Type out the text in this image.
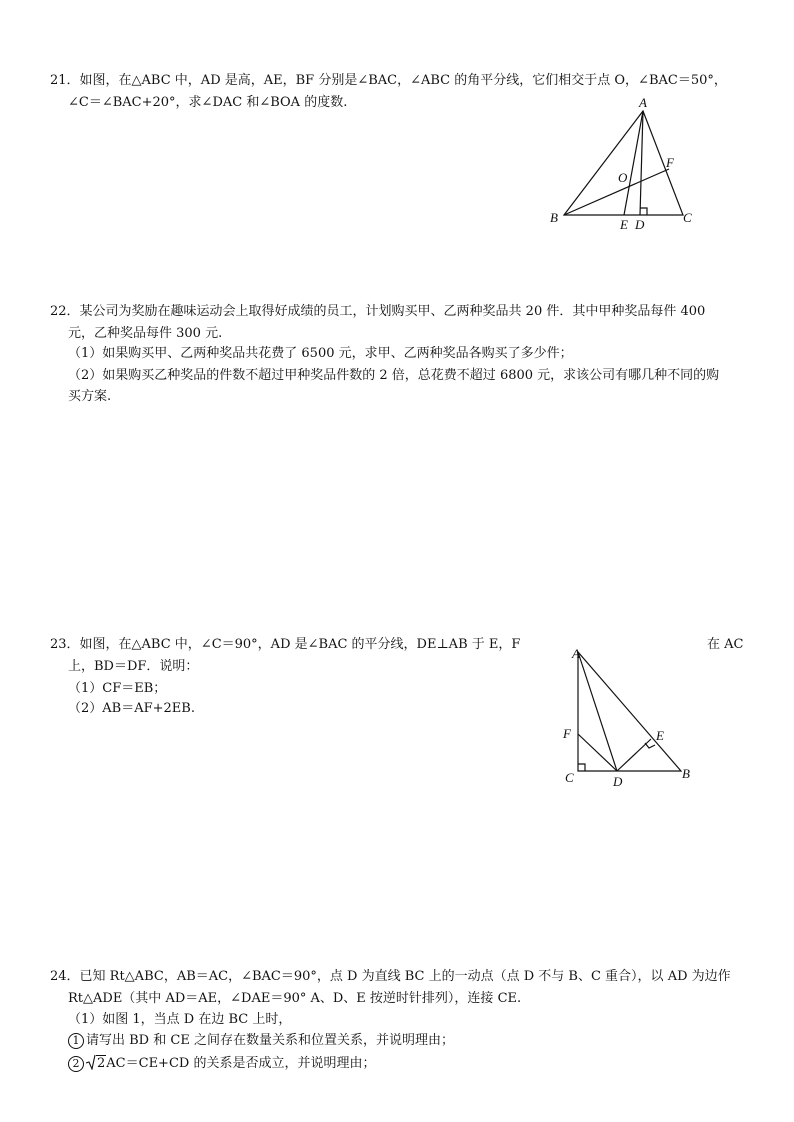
21．如图，在△ABC 中，AD 是高，AE，BF 分别是∠BAC，∠ABC 的角平分线，它们相交于点 O，∠BAC＝50°，
∠C＝∠BAC+20°，求∠DAC 和∠BOA 的度数.	A
F
O
B	E D	C
22．某公司为奖励在趣味运动会上取得好成绩的员工，计划购买甲、乙两种奖品共 20 件．其中甲种奖品每件 400
元，乙种奖品每件 300 元.
（1）如果购买甲、乙两种奖品共花费了 6500 元，求甲、乙两种奖品各购买了多少件；
（2）如果购买乙种奖品的件数不超过甲种奖品件数的 2 倍，总花费不超过 6800 元，求该公司有哪几种不同的购
买方案.
23．如图，在△ABC 中，∠C＝90°，AD 是∠BAC 的平分线，DE⊥AB 于 E，F	在 AC
上，BD＝DF．说明：
（1）CF＝EB；
（2）AB＝AF+2EB.
A
F	E
C	D
B
24．已知 Rt△ABC，AB＝AC，∠BAC＝90°，点 D 为直线 BC 上的一动点（点 D 不与 B、C 重合），以 AD 为边作
Rt△ADE（其中 AD＝AE，∠DAE＝90° A、D、E 按逆时针排列），连接 CE.
（1）如图 1，当点 D 在边 BC 上时，
1 请写出 BD 和 CE 之间存在数量关系和位置关系，并说明理由；
2 2AC＝CE+CD 的关系是否成立，并说明理由；
